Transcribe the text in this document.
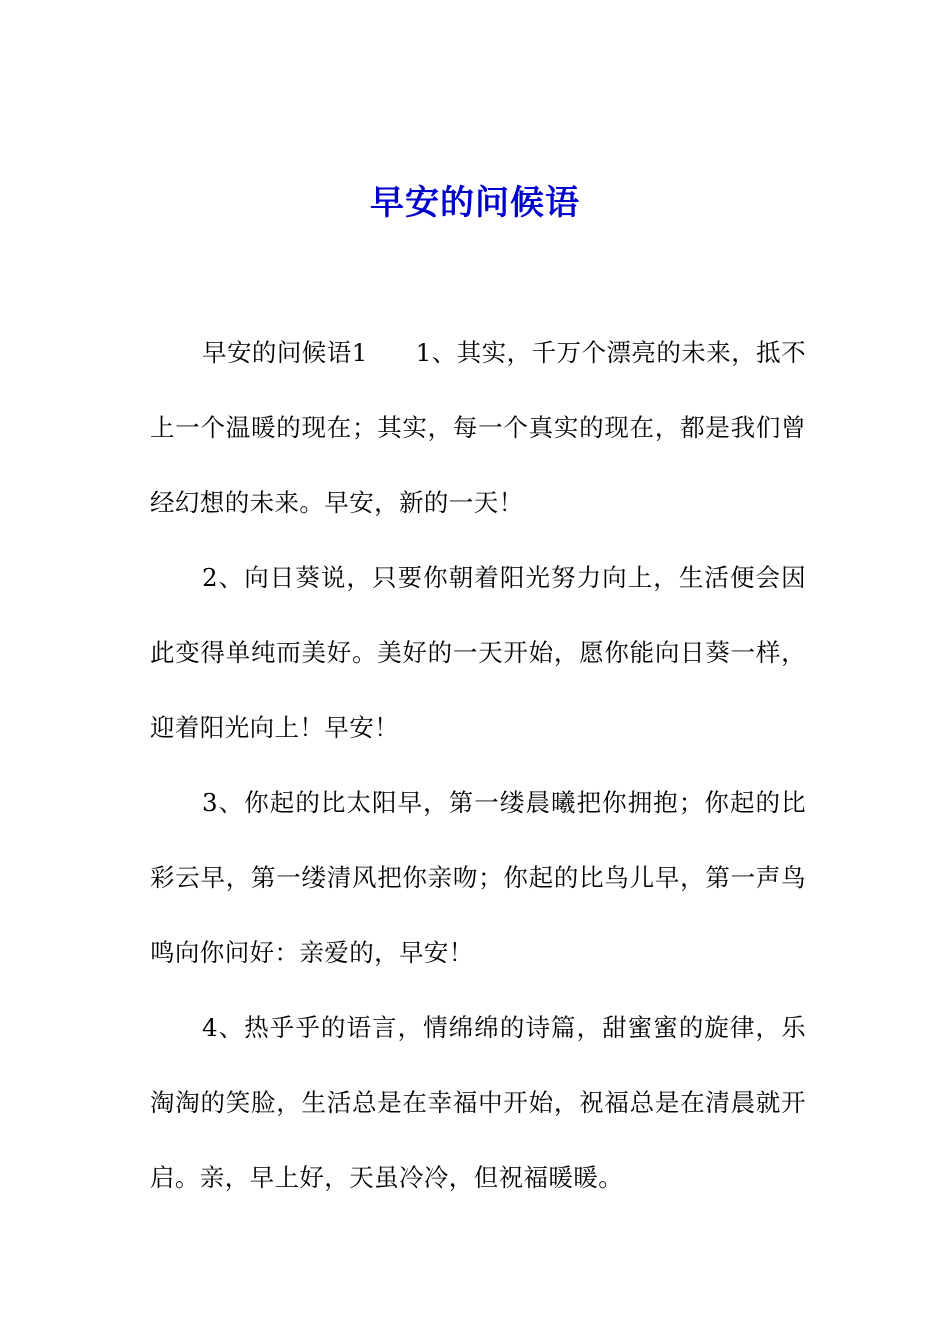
早安的问候语

早安的问候语1 1、其实，千万个漂亮的未来，抵不上一个温暖的现在；其实，每一个真实的现在，都是我们曾经幻想的未来。早安，新的一天！

2、向日葵说，只要你朝着阳光努力向上，生活便会因此变得单纯而美好。美好的一天开始，愿你能向日葵一样，迎着阳光向上！早安！

3、你起的比太阳早，第一缕晨曦把你拥抱；你起的比彩云早，第一缕清风把你亲吻；你起的比鸟儿早，第一声鸟鸣向你问好：亲爱的，早安！

4、热乎乎的语言，情绵绵的诗篇，甜蜜蜜的旋律，乐淘淘的笑脸，生活总是在幸福中开始，祝福总是在清晨就开启。亲，早上好，天虽冷冷，但祝福暖暖。
